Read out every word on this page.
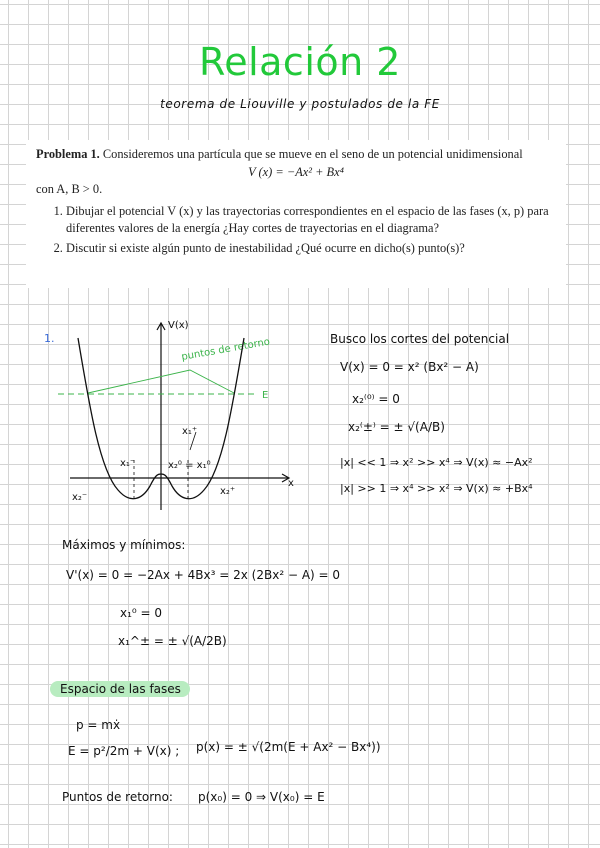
Relación 2
teorema de Liouville y postulados de la FE
Problema 1. Consideremos una partícula que se mueve en el seno de un potencial unidimensional

V (x) = −Ax² + Bx⁴

con A, B > 0.
1. Dibujar el potencial V (x) y las trayectorias correspondientes en el espacio de las fases (x, p) para diferentes valores de la energía ¿Hay cortes de trayectorias en el diagrama?
2. Discutir si existe algún punto de inestabilidad ¿Qué ocurre en dicho(s) punto(s)?
1.
V(x)
x
E
puntos de retorno
x₂⁻
x₁⁻	x₂⁰ = x₁⁰
x₁⁺
x₂⁺
Busco los cortes del potencial
V(x) = 0 = x² (Bx² − A)
x₂⁽⁰⁾ = 0
x₂⁽±⁾ = ± √(A/B)
|x| << 1 ⇒ x² >> x⁴ ⇒ V(x) ≈ −Ax²
|x| >> 1 ⇒ x⁴ >> x² ⇒ V(x) ≈ +Bx⁴
Máximos y mínimos:
V'(x) = 0 = −2Ax + 4Bx³ = 2x (2Bx² − A) = 0
x₁⁰ = 0
x₁^± = ± √(A/2B)
Espacio de las fases
p = mẋ
E = p²/2m + V(x) ; p(x) = ± √(2m(E + Ax² − Bx⁴))
Puntos de retorno: p(x₀) = 0 ⇒ V(x₀) = E
